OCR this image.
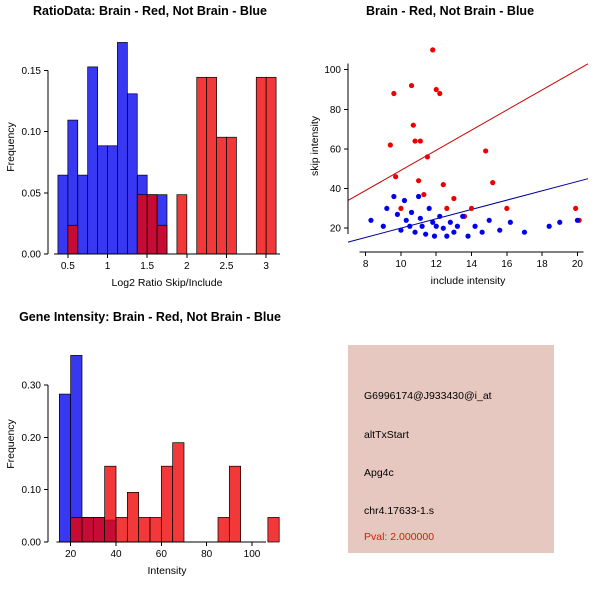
RatioData: Brain - Red, Not Brain - Blue
0.5	1	1.5	2	2.5	3
0.00
0.05
0.10
0.15
Log2 Ratio Skip/Include
Frequency
Brain - Red, Not Brain - Blue
8	10 12 14 16 18 20
20
40
60
80
100
include intensity
skip intensity
Gene Intensity: Brain - Red, Not Brain - Blue
20	40	60	80	100
0.00
0.10
0.20
0.30
Intensity
Frequency
G6996174@J933430@i_at
altTxStart
Apg4c
chr4.17633-1.s
Pval: 2.000000
